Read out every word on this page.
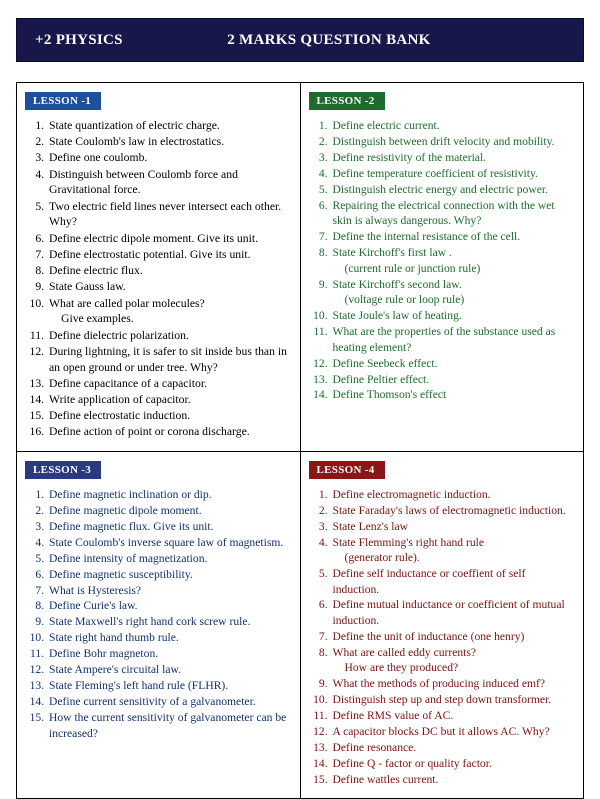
+2 PHYSICS	2 MARKS QUESTION BANK
LESSON -1
1. State quantization of electric charge.
2. State Coulomb's law in electrostatics.
3. Define one coulomb.
4. Distinguish between Coulomb force and Gravitational force.
5. Two electric field lines never intersect each other. Why?
6. Define electric dipole moment. Give its unit.
7. Define electrostatic potential. Give its unit.
8. Define electric flux.
9. State Gauss law.
10. What are called polar molecules?
Give examples.
11. Define dielectric polarization.
12. During lightning, it is safer to sit inside bus than in an open ground or under tree. Why?
13. Define capacitance of a capacitor.
14. Write application of capacitor.
15. Define electrostatic induction.
16. Define action of point or corona discharge.
	LESSON -2
1. Define electric current.
2. Distinguish between drift velocity and mobility.
3. Define resistivity of the material.
4. Define temperature coefficient of resistivity.
5. Distinguish electric energy and electric power.
6. Repairing the electrical connection with the wet skin is always dangerous. Why?
7. Define the internal resistance of the cell.
8. State Kirchoff's first law .
(current rule or junction rule)
9. State Kirchoff's second law.
(voltage rule or loop rule)
10. State Joule's law of heating.
11. What are the properties of the substance used as heating element?
12. Define Seebeck effect.
13. Define Peltier effect.
14. Define Thomson's effect

LESSON -3
1. Define magnetic inclination or dip.
2. Define magnetic dipole moment.
3. Define magnetic flux. Give its unit.
4. State Coulomb's inverse square law of magnetism.
5. Define intensity of magnetization.
6. Define magnetic susceptibility.
7. What is Hysteresis?
8. Define Curie's law.
9. State Maxwell's right hand cork screw rule.
10. State right hand thumb rule.
11. Define Bohr magneton.
12. State Ampere's circuital law.
13. State Fleming's left hand rule (FLHR).
14. Define current sensitivity of a galvanometer.
15. How the current sensitivity of galvanometer can be increased?
	LESSON -4
1. Define electromagnetic induction.
2. State Faraday's laws of electromagnetic induction.
3. State Lenz's law
4. State Flemming's right hand rule
(generator rule).
5. Define self inductance or coeffient of self induction.
6. Define mutual inductance or coefficient of mutual induction.
7. Define the unit of inductance (one henry)
8. What are called eddy currents?
How are they produced?
9. What the methods of producing induced emf?
10. Distinguish step up and step down transformer.
11. Define RMS value of AC.
12. A capacitor blocks DC but it allows AC. Why?
13. Define resonance.
14. Define Q - factor or quality factor.
15. Define wattles current.
